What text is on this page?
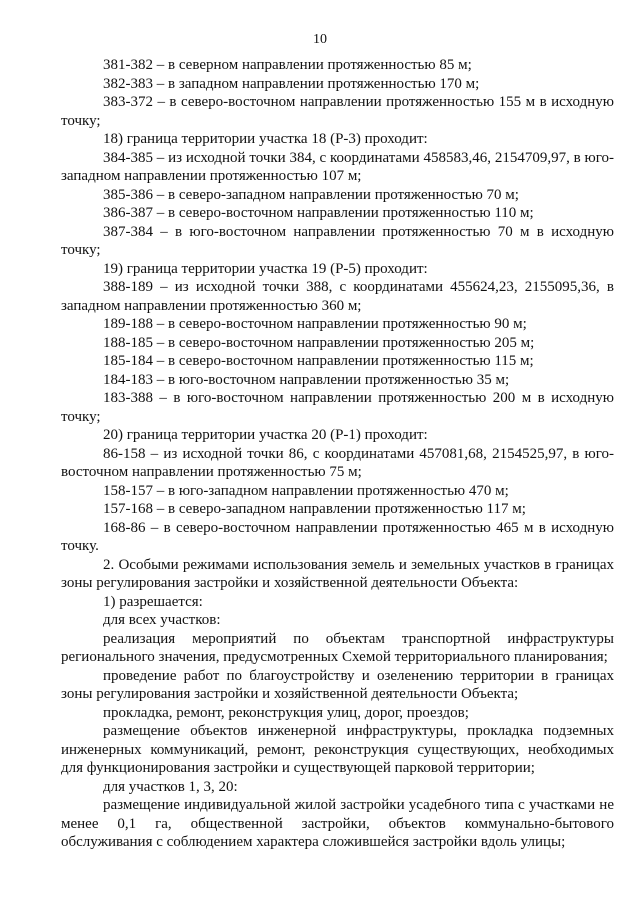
10

381-382 – в северном направлении протяженностью 85 м;

382-383 – в западном направлении протяженностью 170 м;

383-372 – в северо-восточном направлении протяженностью 155 м в исходную точку;

18) граница территории участка 18 (Р-3) проходит:

384-385 – из исходной точки 384, с координатами 458583,46, 2154709,97, в юго-западном направлении протяженностью 107 м;

385-386 – в северо-западном направлении протяженностью 70 м;

386-387 – в северо-восточном направлении протяженностью 110 м;

387-384 – в юго-восточном направлении протяженностью 70 м в исходную точку;

19) граница территории участка 19 (Р-5) проходит:

388-189 – из исходной точки 388, с координатами 455624,23, 2155095,36, в западном направлении протяженностью 360 м;

189-188 – в северо-восточном направлении протяженностью 90 м;

188-185 – в северо-восточном направлении протяженностью 205 м;

185-184 – в северо-восточном направлении протяженностью 115 м;

184-183 – в юго-восточном направлении протяженностью 35 м;

183-388 – в юго-восточном направлении протяженностью 200 м в исходную точку;

20) граница территории участка 20 (Р-1) проходит:

86-158 – из исходной точки 86, с координатами 457081,68, 2154525,97, в юго-восточном направлении протяженностью 75 м;

158-157 – в юго-западном направлении протяженностью 470 м;

157-168 – в северо-западном направлении протяженностью 117 м;

168-86 – в северо-восточном направлении протяженностью 465 м в исходную точку.

2. Особыми режимами использования земель и земельных участков в границах зоны регулирования застройки и хозяйственной деятельности Объекта:

1) разрешается:

для всех участков:

реализация мероприятий по объектам транспортной инфраструктуры регионального значения, предусмотренных Схемой территориального планирования;

проведение работ по благоустройству и озеленению территории в границах зоны регулирования застройки и хозяйственной деятельности Объекта;

прокладка, ремонт, реконструкция улиц, дорог, проездов;

размещение объектов инженерной инфраструктуры, прокладка подземных инженерных коммуникаций, ремонт, реконструкция существующих, необходимых для функционирования застройки и существующей парковой территории;

для участков 1, 3, 20:

размещение индивидуальной жилой застройки усадебного типа с участками не менее 0,1 га, общественной застройки, объектов коммунально-бытового обслуживания с соблюдением характера сложившейся застройки вдоль улицы;
